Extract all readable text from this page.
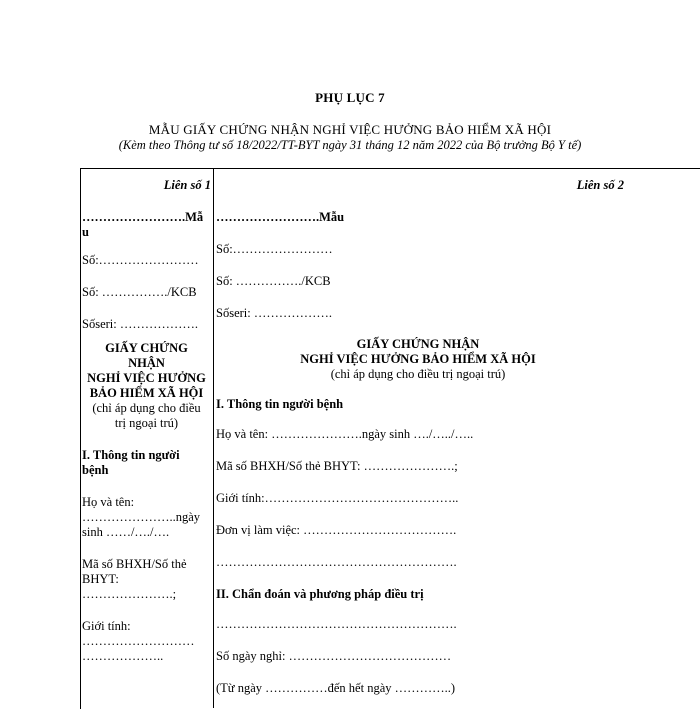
PHỤ LỤC 7
MẪU GIẤY CHỨNG NHẬN NGHỈ VIỆC HƯỞNG BẢO HIỂM XÃ HỘI
(Kèm theo Thông tư số 18/2022/TT-BYT ngày 31 tháng 12 năm 2022 của Bộ trưởng Bộ Y tế)
Liên số 1
…………………….Mẫ
u
Số:……………………
Số: ……………./KCB
Sốseri: ……………….
GIẤY CHỨNG
NHẬN
NGHỈ VIỆC HƯỞNG
BẢO HIỂM XÃ HỘI
(chỉ áp dụng cho điều
trị ngoại trú)
I. Thông tin người
bệnh
Họ và tên:
…………………..ngày
sinh ……/…./….
Mã số BHXH/Số thẻ
BHYT:
………………….;
Giới tính:
………………………
………………..
Liên số 2
…………………….Mẫu
Số:……………………
Số: ……………./KCB
Sốseri: ……………….
GIẤY CHỨNG NHẬN
NGHỈ VIỆC HƯỞNG BẢO HIỂM XÃ HỘI
(chỉ áp dụng cho điều trị ngoại trú)
I. Thông tin người bệnh
Họ và tên: ………………….ngày sinh …./…../…..
Mã số BHXH/Số thẻ BHYT: ………………….;
Giới tính:………………………………………..
Đơn vị làm việc: ……………………………….
………………………………………………….
II. Chẩn đoán và phương pháp điều trị
………………………………………………….
Số ngày nghỉ: …………………………………
(Từ ngày ……………đến hết ngày …………..)
